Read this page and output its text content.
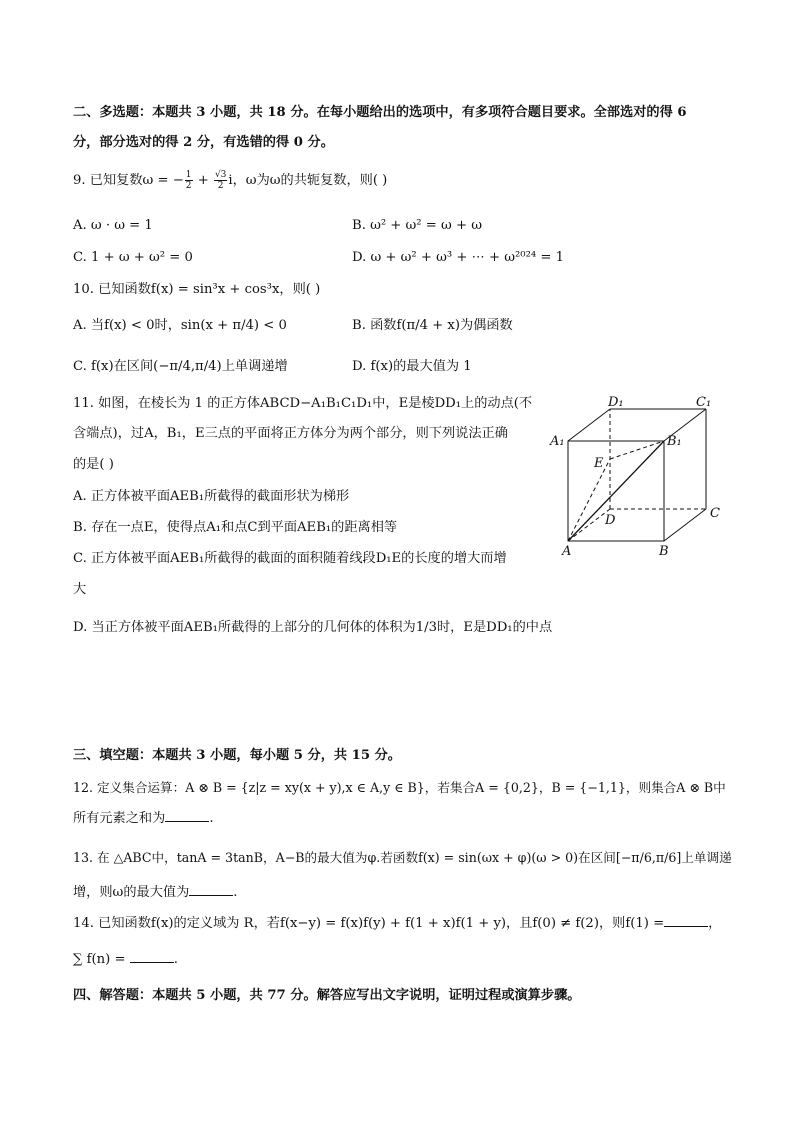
二、多选题：本题共 3 小题，共 18 分。在每小题给出的选项中，有多项符合题目要求。全部选对的得 6
分，部分选对的得 2 分，有选错的得 0 分。
9. 已知复数ω = − $\frac{1}{2} + \frac{√3}{2}$ i，ω为ω的共轭复数，则( )
A. ω · ω = 1	B. ω² + ω² = ω + ω
C. 1 + ω + ω² = 0	D. ω + ω² + ω³ + ⋯ + ω²⁰²⁴ = 1
10. 已知函数f(x) = sin³x + cos³x，则( )
A. 当f(x) < 0时，sin(x + π/4) < 0	B. 函数f(π/4 + x)为偶函数
C. f(x)在区间(−π/4,π/4)上单调递增	D. f(x)的最大值为 1
11. 如图，在棱长为 1 的正方体ABCD−A₁B₁C₁D₁中，E是棱DD₁上的动点(不
含端点)，过A，B₁，E三点的平面将正方体分为两个部分，则下列说法正确
的是( )
A. 正方体被平面AEB₁所截得的截面形状为梯形
B. 存在一点E，使得点A₁和点C到平面AEB₁的距离相等
C. 正方体被平面AEB₁所截得的截面的面积随着线段D₁E的长度的增大而增
大
D. 当正方体被平面AEB₁所截得的上部分的几何体的体积为1/3时，E是DD₁的中点
A	B
C
D
A₁	B₁
C₁
D₁
E
三、填空题：本题共 3 小题，每小题 5 分，共 15 分。
12. 定义集合运算：A ⊗ B = {z|z = xy(x + y),x ∈ A,y ∈ B}，若集合A = {0,2}，B = {−1,1}，则集合A ⊗ B中
所有元素之和为	.
13. 在 △ABC中，tanA = 3tanB，A−B的最大值为φ.若函数f(x) = sin(ωx + φ)(ω > 0)在区间[−π/6,π/6]上单调递
增，则ω的最大值为	.
14. 已知函数f(x)的定义域为 R，若f(x−y) = f(x)f(y) + f(1 + x)f(1 + y)，且f(0) ≠ f(2)，则f(1) =	，
∑ f(n) =	.
四、解答题：本题共 5 小题，共 77 分。解答应写出文字说明，证明过程或演算步骤。
